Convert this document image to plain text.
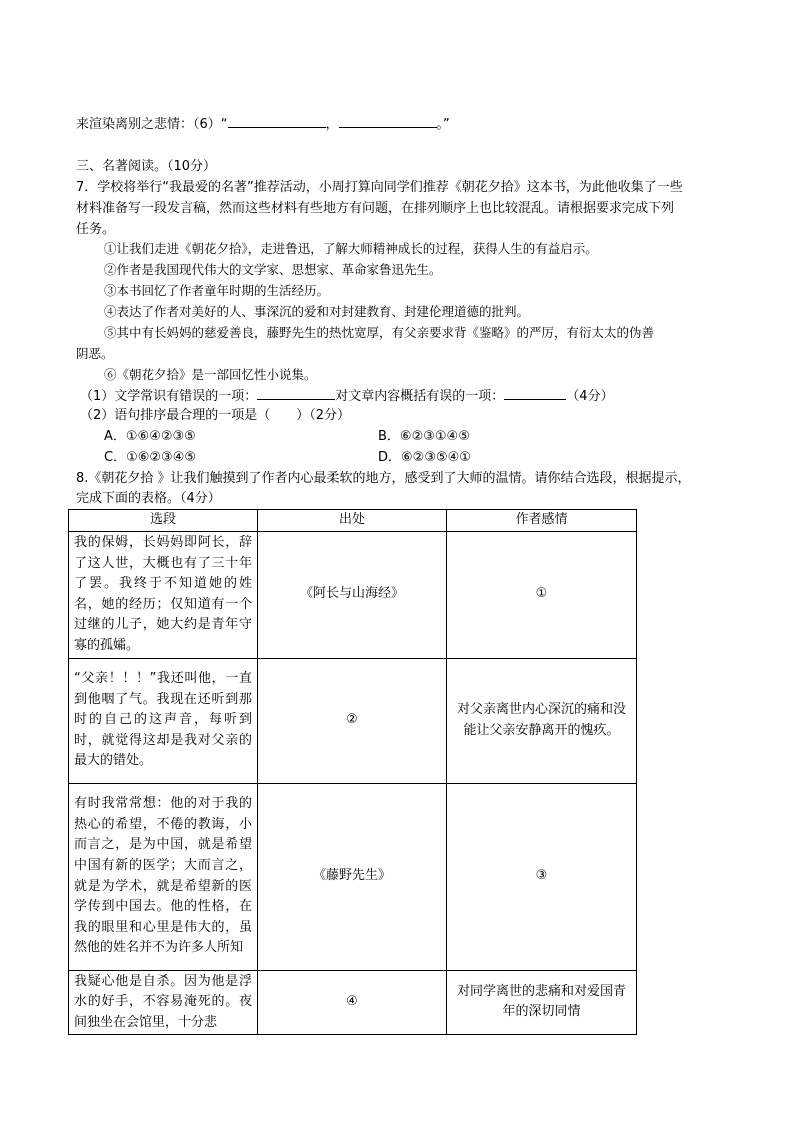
来渲染离别之悲情：（6）“	，	。”
三、名著阅读。（10分）
7．学校将举行“我最爱的名著”推荐活动，小周打算向同学们推荐《朝花夕拾》这本书，为此他收集了一些
材料准备写一段发言稿，然而这些材料有些地方有问题，在排列顺序上也比较混乱。请根据要求完成下列
任务。
①让我们走进《朝花夕拾》，走进鲁迅，了解大师精神成长的过程，获得人生的有益启示。
②作者是我国现代伟大的文学家、思想家、革命家鲁迅先生。
③本书回忆了作者童年时期的生活经历。
④表达了作者对美好的人、事深沉的爱和对封建教育、封建伦理道德的批判。
⑤其中有长妈妈的慈爱善良，藤野先生的热忱宽厚，有父亲要求背《鉴略》的严厉，有衍太太的伪善
阴恶。
⑥《朝花夕拾》是一部回忆性小说集。
（1）文学常识有错误的一项：	对文章内容概括有误的一项：	（4分）
（2）语句排序最合理的一项是（　　）（2分）
A．①⑥④②③⑤	B．⑥②③①④⑤
C．①⑥②③④⑤	D．⑥②③⑤④①
8.《朝花夕拾 》让我们触摸到了作者内心最柔软的地方，感受到了大师的温情。请你结合选段，根据提示，
完成下面的表格。（4分）
选段	出处	作者感情
我的保姆，长妈妈即阿长，辞了这人世，大概也有了三十年了罢。我终于不知道她的姓名，她的经历；仅知道有一个过继的儿子，她大约是青年守寡的孤孀。	《阿长与山海经》	①
“父亲！！！”我还叫他，一直到他咽了气。我现在还听到那时的自己的这声音，每听到时，就觉得这却是我对父亲的最大的错处。	②	对父亲离世内心深沉的痛和没能让父亲安静离开的愧疚。
有时我常常想：他的对于我的热心的希望，不倦的教诲，小而言之，是为中国，就是希望中国有新的医学；大而言之，就是为学术，就是希望新的医学传到中国去。他的性格，在我的眼里和心里是伟大的，虽然他的姓名并不为许多人所知	《藤野先生》	③
我疑心他是自杀。因为他是浮水的好手，不容易淹死的。夜间独坐在会馆里，十分悲	④	对同学离世的悲痛和对爱国青年的深切同情
